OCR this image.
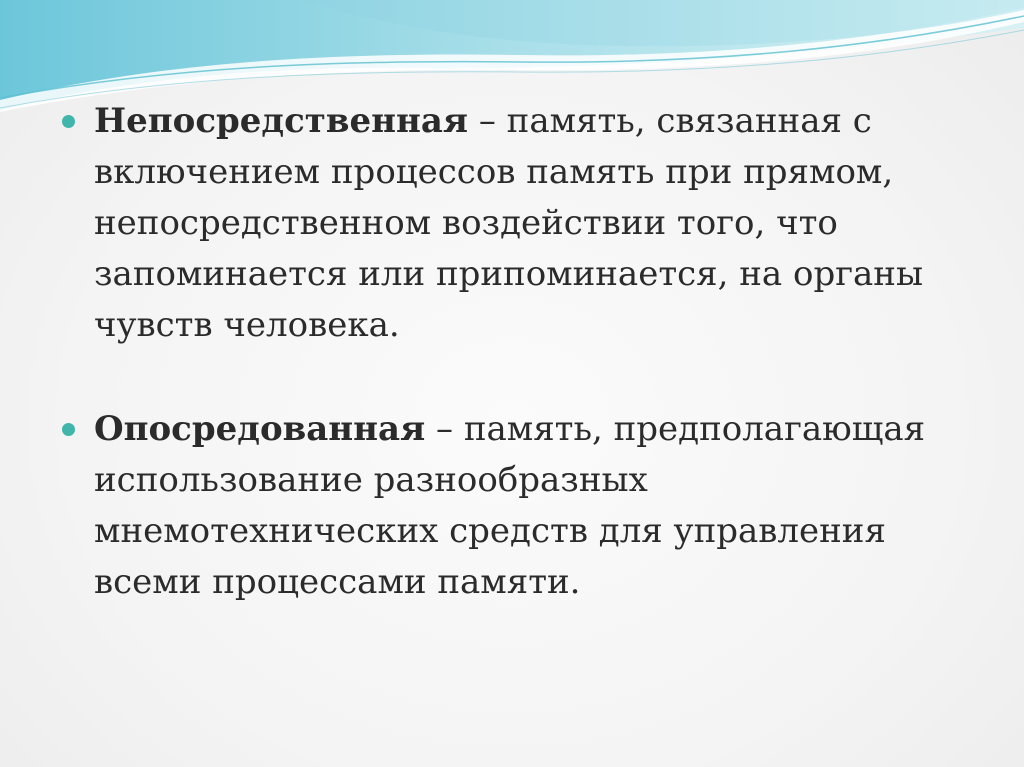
Непосредственная – память, связанная с включением процессов память при прямом, непосредственном воздействии того, что запоминается или припоминается, на органы чувств человека.

Опосредованная – память, предполагающая использование разнообразных мнемотехнических средств для управления всеми процессами памяти.
